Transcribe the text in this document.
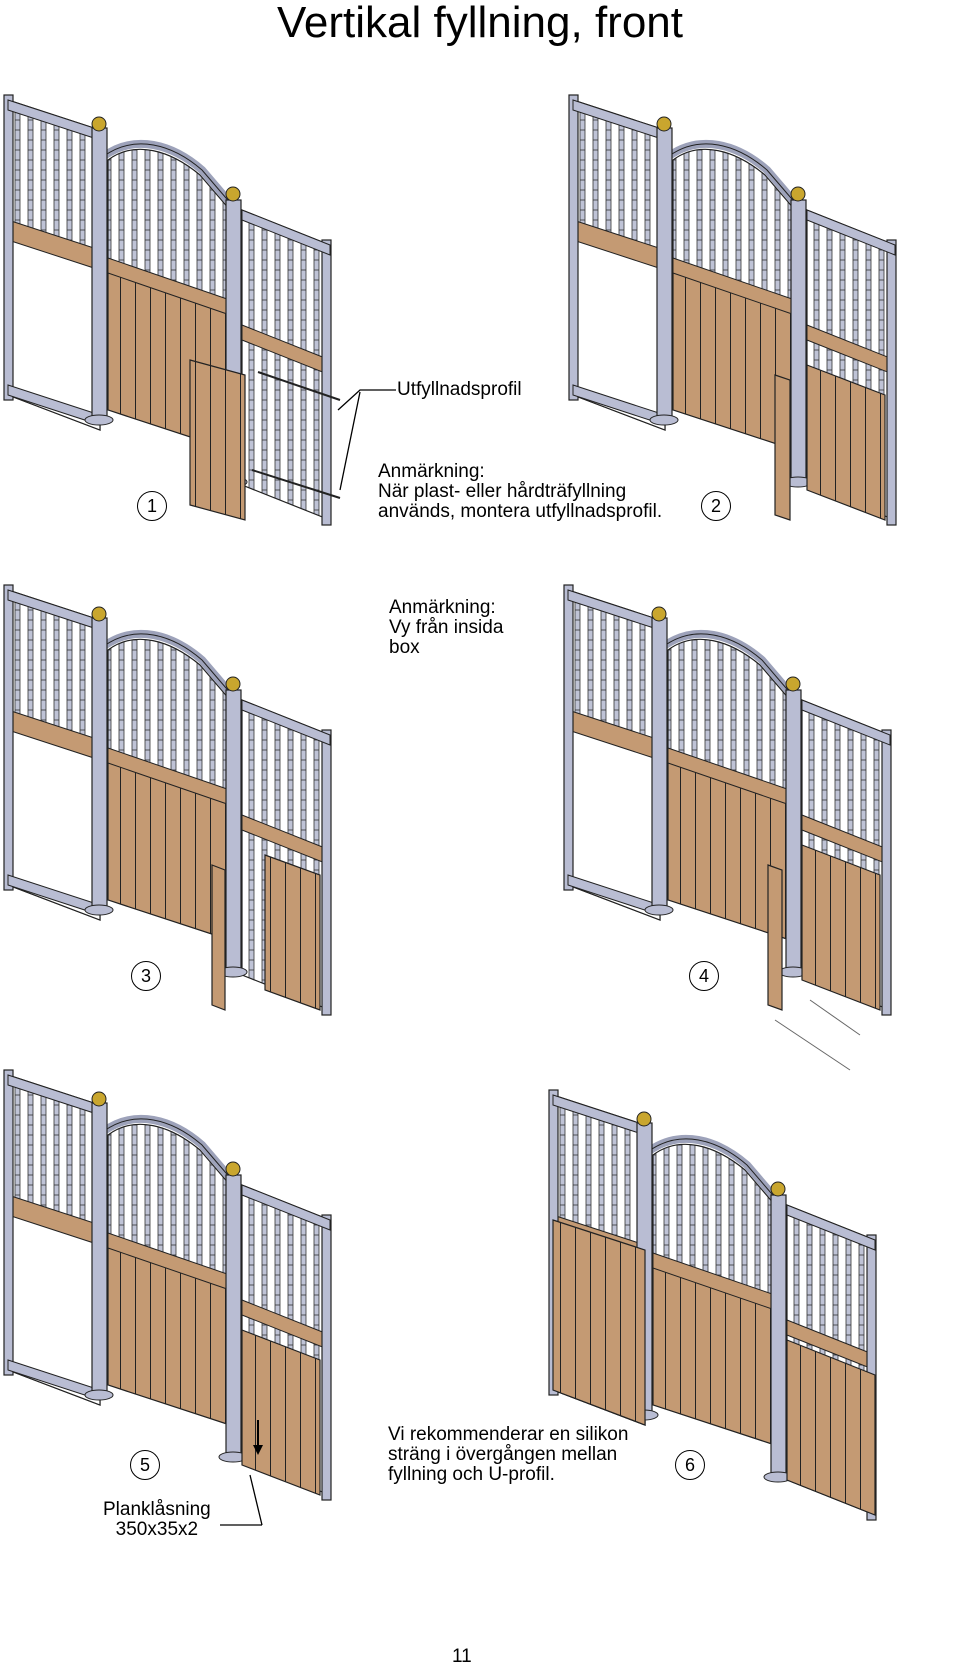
Vertikal fyllning, front
Utfyllnadsprofil
Anmärkning:
När plast- eller hårdträfyllning
används, montera utfyllnadsprofil.
Anmärkning:
Vy från insida
box
Vi rekommenderar en silikon
sträng i övergången mellan
fyllning och U-profil.
Planklåsning
350x35x2
1	2
3	4
5	6
11
